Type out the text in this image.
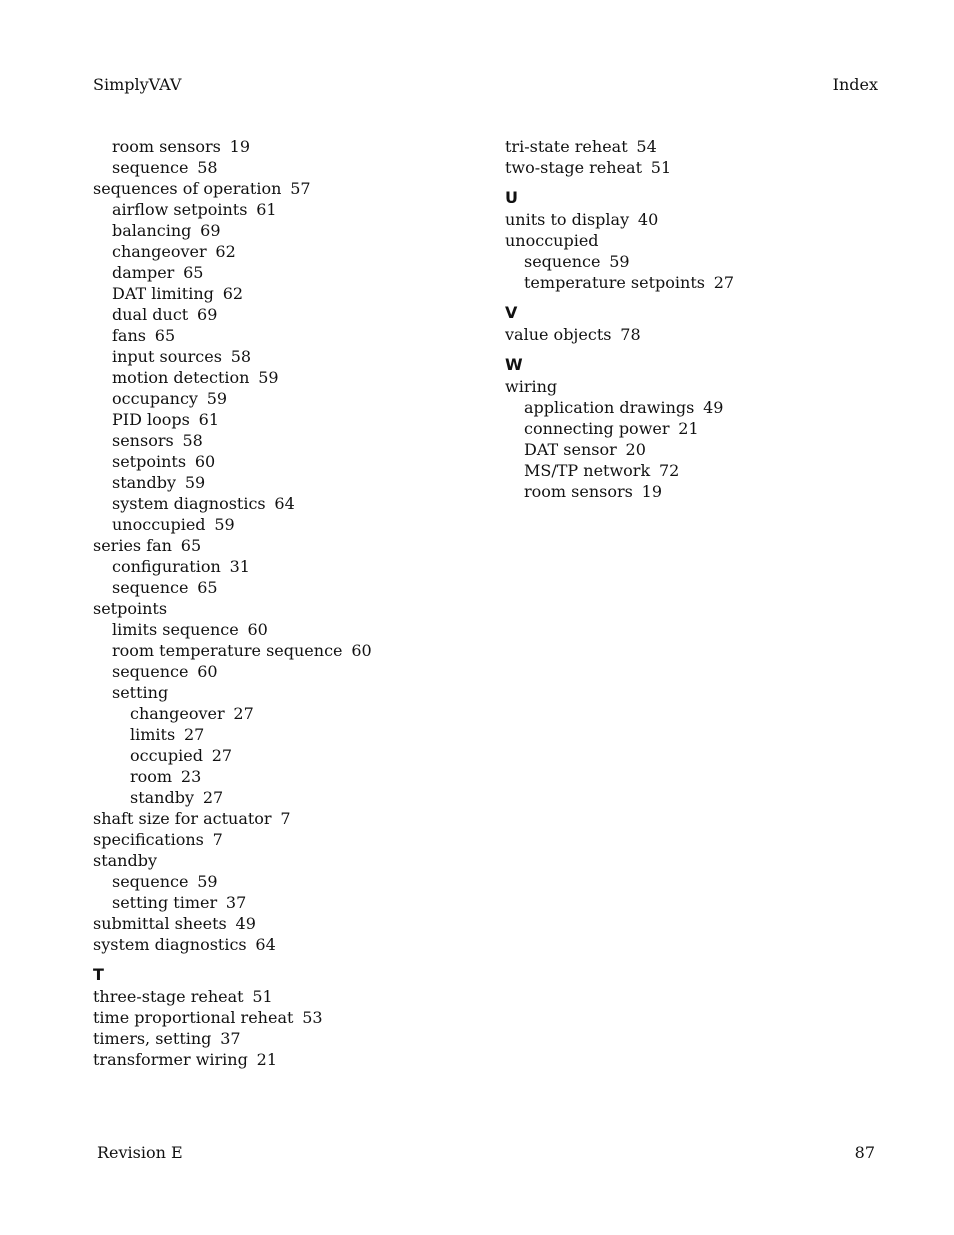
SimplyVAV	Index
room sensors 19
sequence 58
sequences of operation 57
airflow setpoints 61
balancing 69
changeover 62
damper 65
DAT limiting 62
dual duct 69
fans 65
input sources 58
motion detection 59
occupancy 59
PID loops 61
sensors 58
setpoints 60
standby 59
system diagnostics 64
unoccupied 59
series fan 65
configuration 31
sequence 65
setpoints
limits sequence 60
room temperature sequence 60
sequence 60
setting
changeover 27
limits 27
occupied 27
room 23
standby 27
shaft size for actuator 7
specifications 7
standby
sequence 59
setting timer 37
submittal sheets 49
system diagnostics 64
T
three-stage reheat 51
time proportional reheat 53
timers, setting 37
transformer wiring 21
tri-state reheat 54
two-stage reheat 51
U
units to display 40
unoccupied
sequence 59
temperature setpoints 27
V
value objects 78
W
wiring
application drawings 49
connecting power 21
DAT sensor 20
MS/TP network 72
room sensors 19
Revision E	87
